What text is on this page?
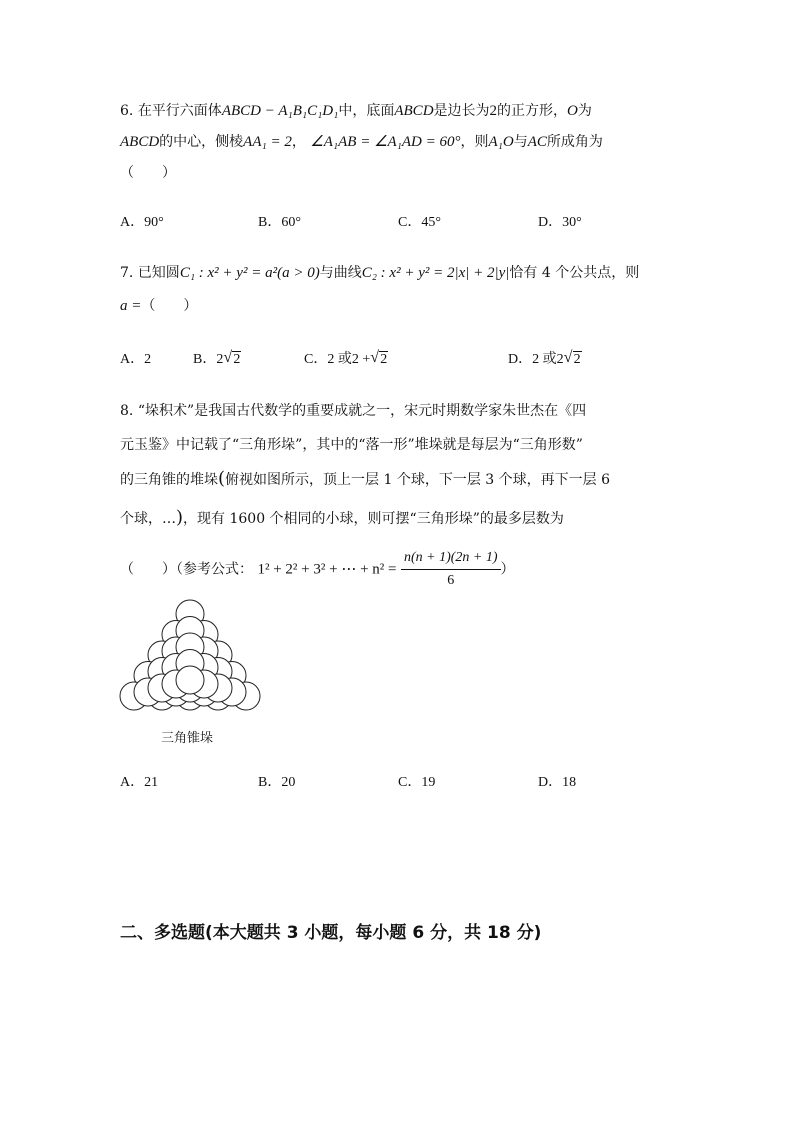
6. 在平行六面体ABCD − A₁B₁C₁D₁中，底面ABCD是边长为2的正方形，O为
ABCD的中心，侧棱AA₁ = 2， ∠A₁AB = ∠A₁AD = 60°，则A₁O与AC所成角为
（　　）
A．90°	B．60°	C．45°	D．30°
7. 已知圆C₁ : x² + y² = a²(a > 0)与曲线C₂ : x² + y² = 2|x| + 2|y|恰有 4 个公共点，则
a =（　　）
A．2	B．2 √ 2	C．2 或2 + √ 2	D．2 或2 √ 2
8. “垛积术”是我国古代数学的重要成就之一，宋元时期数学家朱世杰在《四
元玉鉴》中记载了“三角形垛”，其中的“落一形”堆垛就是每层为“三角形数”
的三角锥的堆垛(俯视如图所示，顶上一层 1 个球，下一层 3 个球，再下一层 6
个球，…)，现有 1600 个相同的小球，则可摆“三角形垛”的最多层数为
（　　）（参考公式： 1² + 2² + 3² + ⋯ + $n^2 = \frac{n(n + 1)(2n + 1)}{6}$ ）
三角锥垛
A．21	B．20	C．19	D．18
二、多选题(本大题共 3 小题，每小题 6 分，共 18 分)
